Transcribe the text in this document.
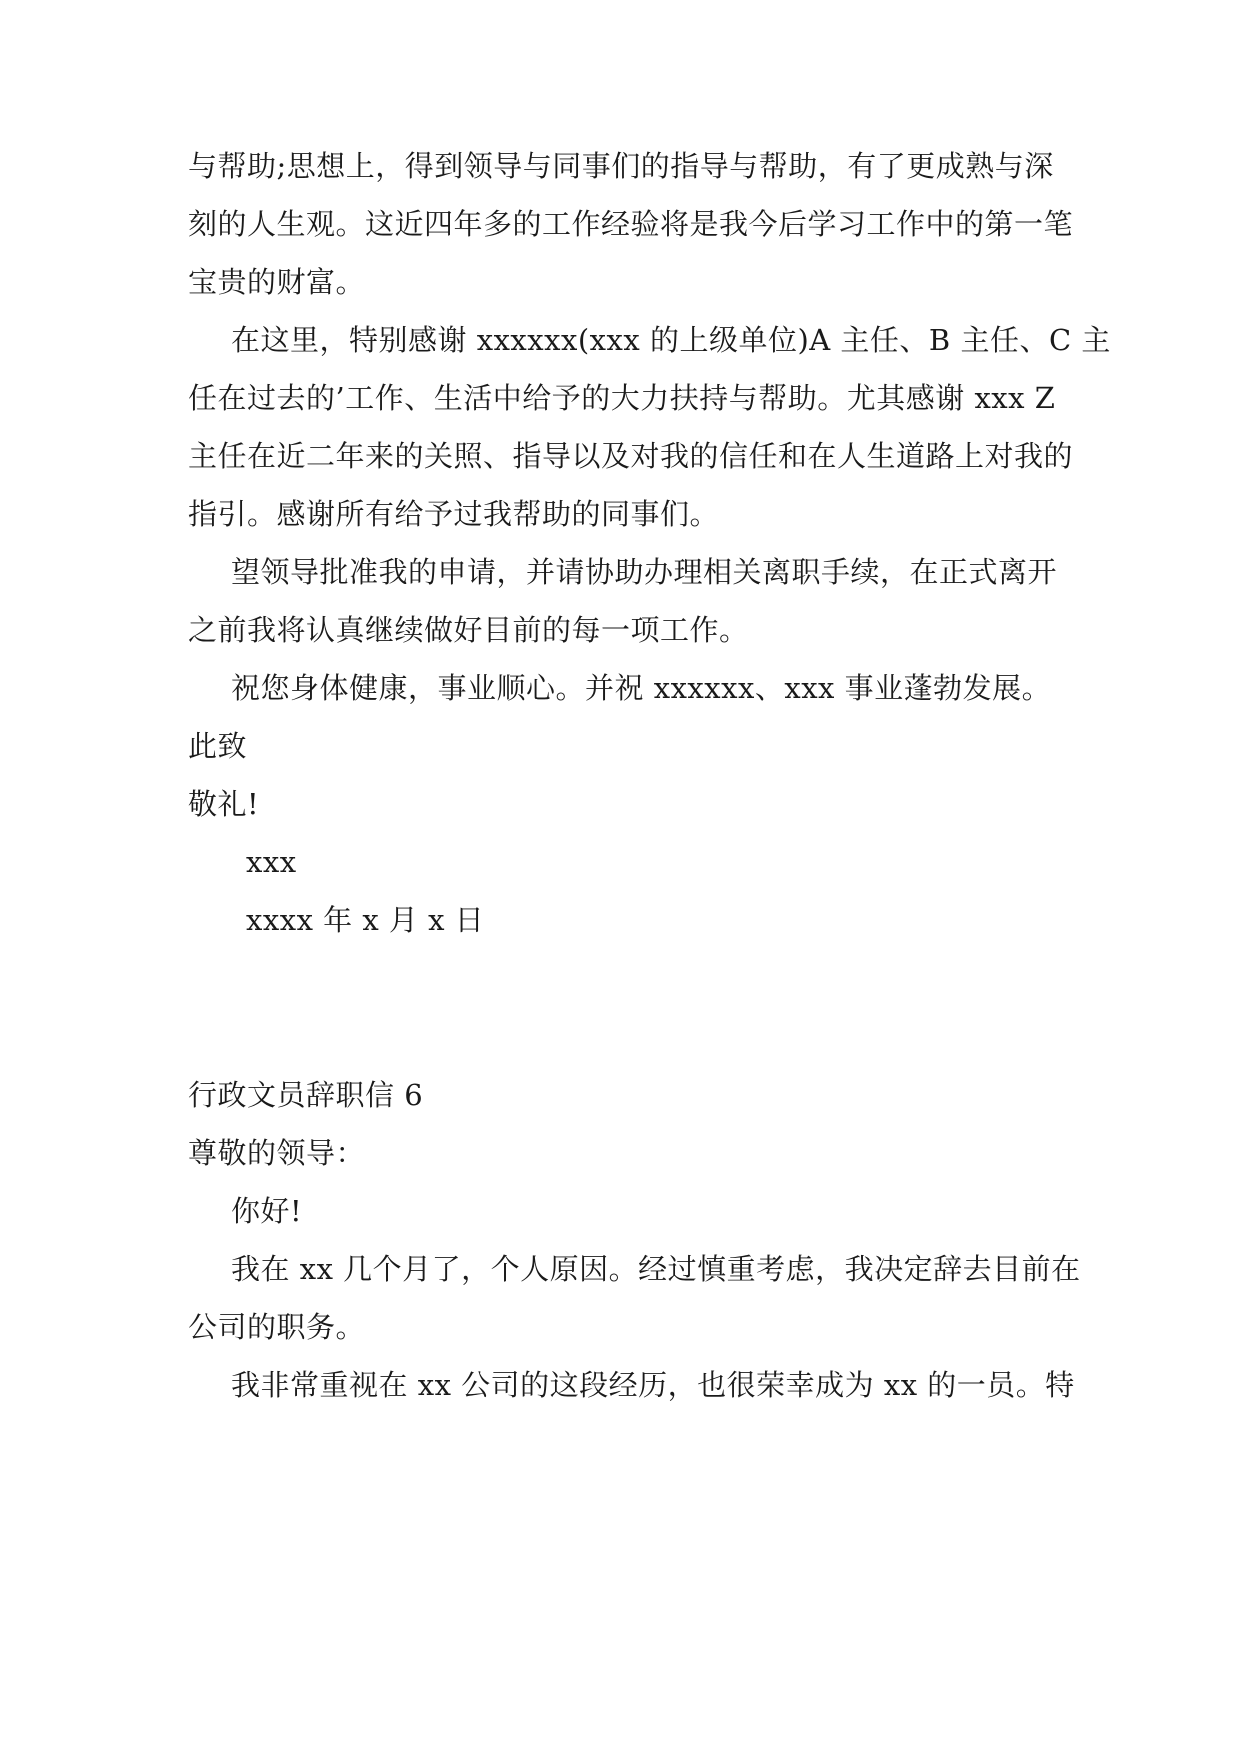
与帮助;思想上，得到领导与同事们的指导与帮助，有了更成熟与深
刻的人生观。这近四年多的工作经验将是我今后学习工作中的第一笔
宝贵的财富。
在这里，特别感谢 xxxxxx(xxx 的上级单位)A 主任、B 主任、C 主
任在过去的’工作、生活中给予的大力扶持与帮助。尤其感谢 xxx Z
主任在近二年来的关照、指导以及对我的信任和在人生道路上对我的
指引。感谢所有给予过我帮助的同事们。
望领导批准我的申请，并请协助办理相关离职手续，在正式离开
之前我将认真继续做好目前的每一项工作。
祝您身体健康，事业顺心。并祝 xxxxxx、xxx 事业蓬勃发展。
此致
敬礼!
xxx
xxxx 年 x 月 x 日
行政文员辞职信 6
尊敬的领导：
你好!
我在 xx 几个月了，个人原因。经过慎重考虑，我决定辞去目前在
公司的职务。
我非常重视在 xx 公司的这段经历，也很荣幸成为 xx 的一员。特
